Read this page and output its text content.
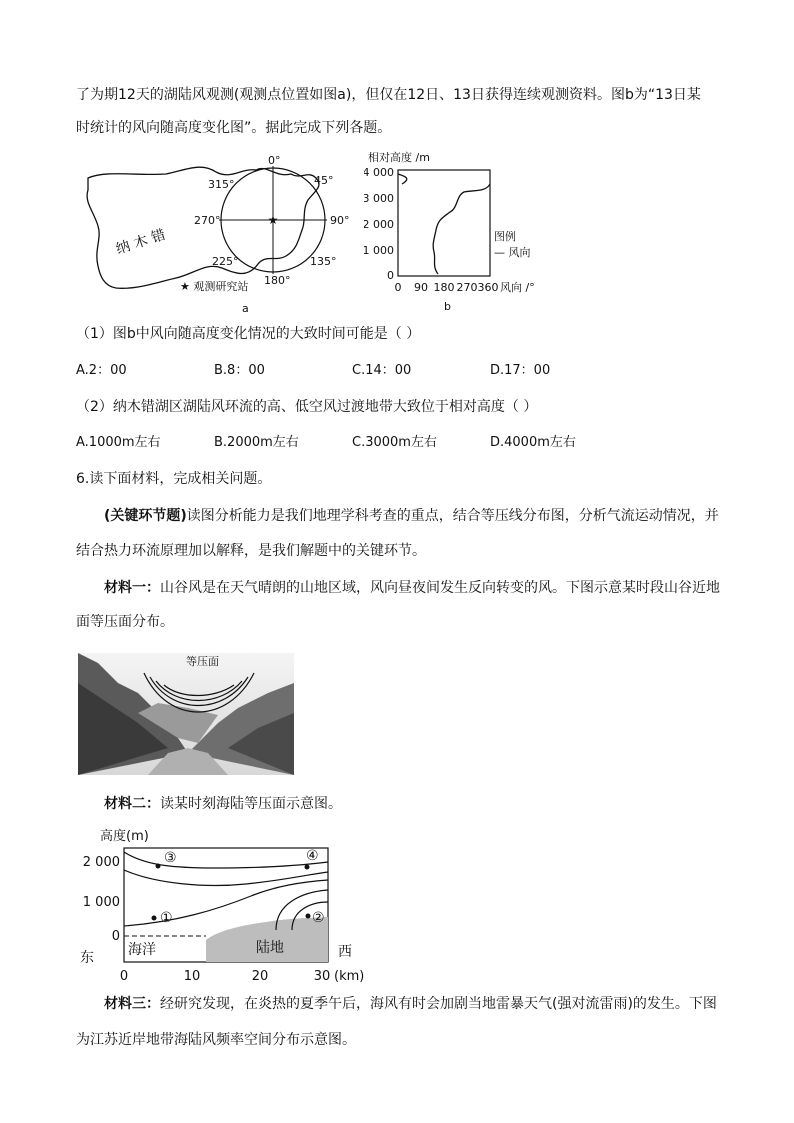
了为期12天的湖陆风观测(观测点位置如图a)，但仅在12日、13日获得连续观测资料。图b为“13日某
时统计的风向随高度变化图”。据此完成下列各题。
0°
45°
90°
135°
180°
225°
270°
315°
★
纳 木 错
★ 观测研究站
a
相对高度 /m
4 000
3 000
2 000
1 000
0
0 90 180 270 360 风向 /°
图例
— 风向
b
（1）图b中风向随高度变化情况的大致时间可能是（ ）
A.2：00	B.8：00	C.14：00	D.17：00
（2）纳木错湖区湖陆风环流的高、低空风过渡地带大致位于相对高度（ ）
A.1000m左右	B.2000m左右	C.3000m左右	D.4000m左右
6.读下面材料，完成相关问题。
(关键环节题)读图分析能力是我们地理学科考查的重点，结合等压线分布图，分析气流运动情况，并
结合热力环流原理加以解释，是我们解题中的关键环节。
材料一：山谷风是在天气晴朗的山地区域，风向昼夜间发生反向转变的风。下图示意某时段山谷近地
面等压面分布。
等压面
材料二：读某时刻海陆等压面示意图。
高度(m)
2 000
1 000
0
③	④
①	②
海洋	陆地
东	西
0	10	20	30 (km)
材料三：经研究发现，在炎热的夏季午后，海风有时会加剧当地雷暴天气(强对流雷雨)的发生。下图
为江苏近岸地带海陆风频率空间分布示意图。
